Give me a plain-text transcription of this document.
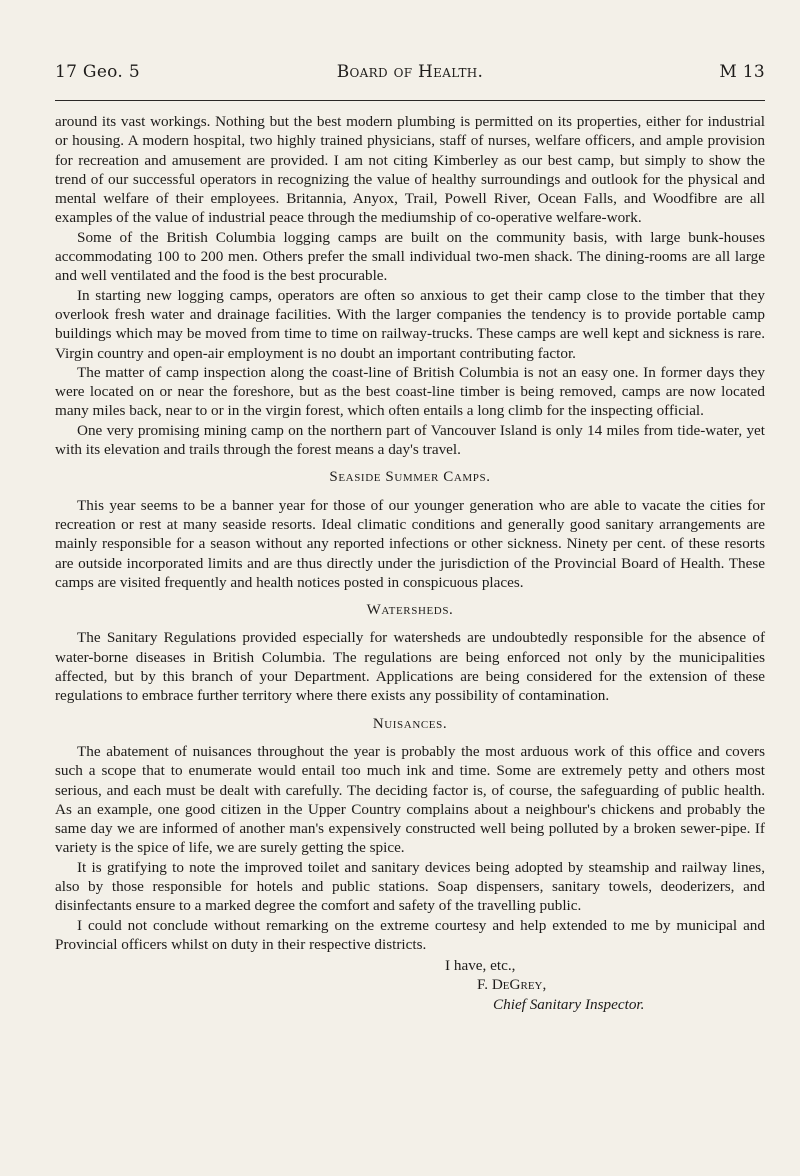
17 Geo. 5	Board of Health.	M 13

around its vast workings. Nothing but the best modern plumbing is permitted on its properties, either for industrial or housing. A modern hospital, two highly trained physicians, staff of nurses, welfare officers, and ample provision for recreation and amusement are provided. I am not citing Kimberley as our best camp, but simply to show the trend of our successful operators in recognizing the value of healthy surroundings and outlook for the physical and mental welfare of their employees. Britannia, Anyox, Trail, Powell River, Ocean Falls, and Woodfibre are all examples of the value of industrial peace through the mediumship of co-operative welfare-work.

Some of the British Columbia logging camps are built on the community basis, with large bunk-houses accommodating 100 to 200 men. Others prefer the small individual two-men shack. The dining-rooms are all large and well ventilated and the food is the best procurable.

In starting new logging camps, operators are often so anxious to get their camp close to the timber that they overlook fresh water and drainage facilities. With the larger companies the tendency is to provide portable camp buildings which may be moved from time to time on railway-trucks. These camps are well kept and sickness is rare. Virgin country and open-air employment is no doubt an important contributing factor.

The matter of camp inspection along the coast-line of British Columbia is not an easy one. In former days they were located on or near the foreshore, but as the best coast-line timber is being removed, camps are now located many miles back, near to or in the virgin forest, which often entails a long climb for the inspecting official.

One very promising mining camp on the northern part of Vancouver Island is only 14 miles from tide-water, yet with its elevation and trails through the forest means a day's travel.

Seaside Summer Camps.

This year seems to be a banner year for those of our younger generation who are able to vacate the cities for recreation or rest at many seaside resorts. Ideal climatic conditions and generally good sanitary arrangements are mainly responsible for a season without any reported infections or other sickness. Ninety per cent. of these resorts are outside incorporated limits and are thus directly under the jurisdiction of the Provincial Board of Health. These camps are visited frequently and health notices posted in conspicuous places.

Watersheds.

The Sanitary Regulations provided especially for watersheds are undoubtedly responsible for the absence of water-borne diseases in British Columbia. The regulations are being enforced not only by the municipalities affected, but by this branch of your Department. Applications are being considered for the extension of these regulations to embrace further territory where there exists any possibility of contamination.

Nuisances.

The abatement of nuisances throughout the year is probably the most arduous work of this office and covers such a scope that to enumerate would entail too much ink and time. Some are extremely petty and others most serious, and each must be dealt with carefully. The deciding factor is, of course, the safeguarding of public health. As an example, one good citizen in the Upper Country complains about a neighbour's chickens and probably the same day we are informed of another man's expensively constructed well being polluted by a broken sewer-pipe. If variety is the spice of life, we are surely getting the spice.

It is gratifying to note the improved toilet and sanitary devices being adopted by steamship and railway lines, also by those responsible for hotels and public stations. Soap dispensers, sanitary towels, deoderizers, and disinfectants ensure to a marked degree the comfort and safety of the travelling public.

I could not conclude without remarking on the extreme courtesy and help extended to me by municipal and Provincial officers whilst on duty in their respective districts.

I have, etc.,
F. DeGrey,
Chief Sanitary Inspector.
